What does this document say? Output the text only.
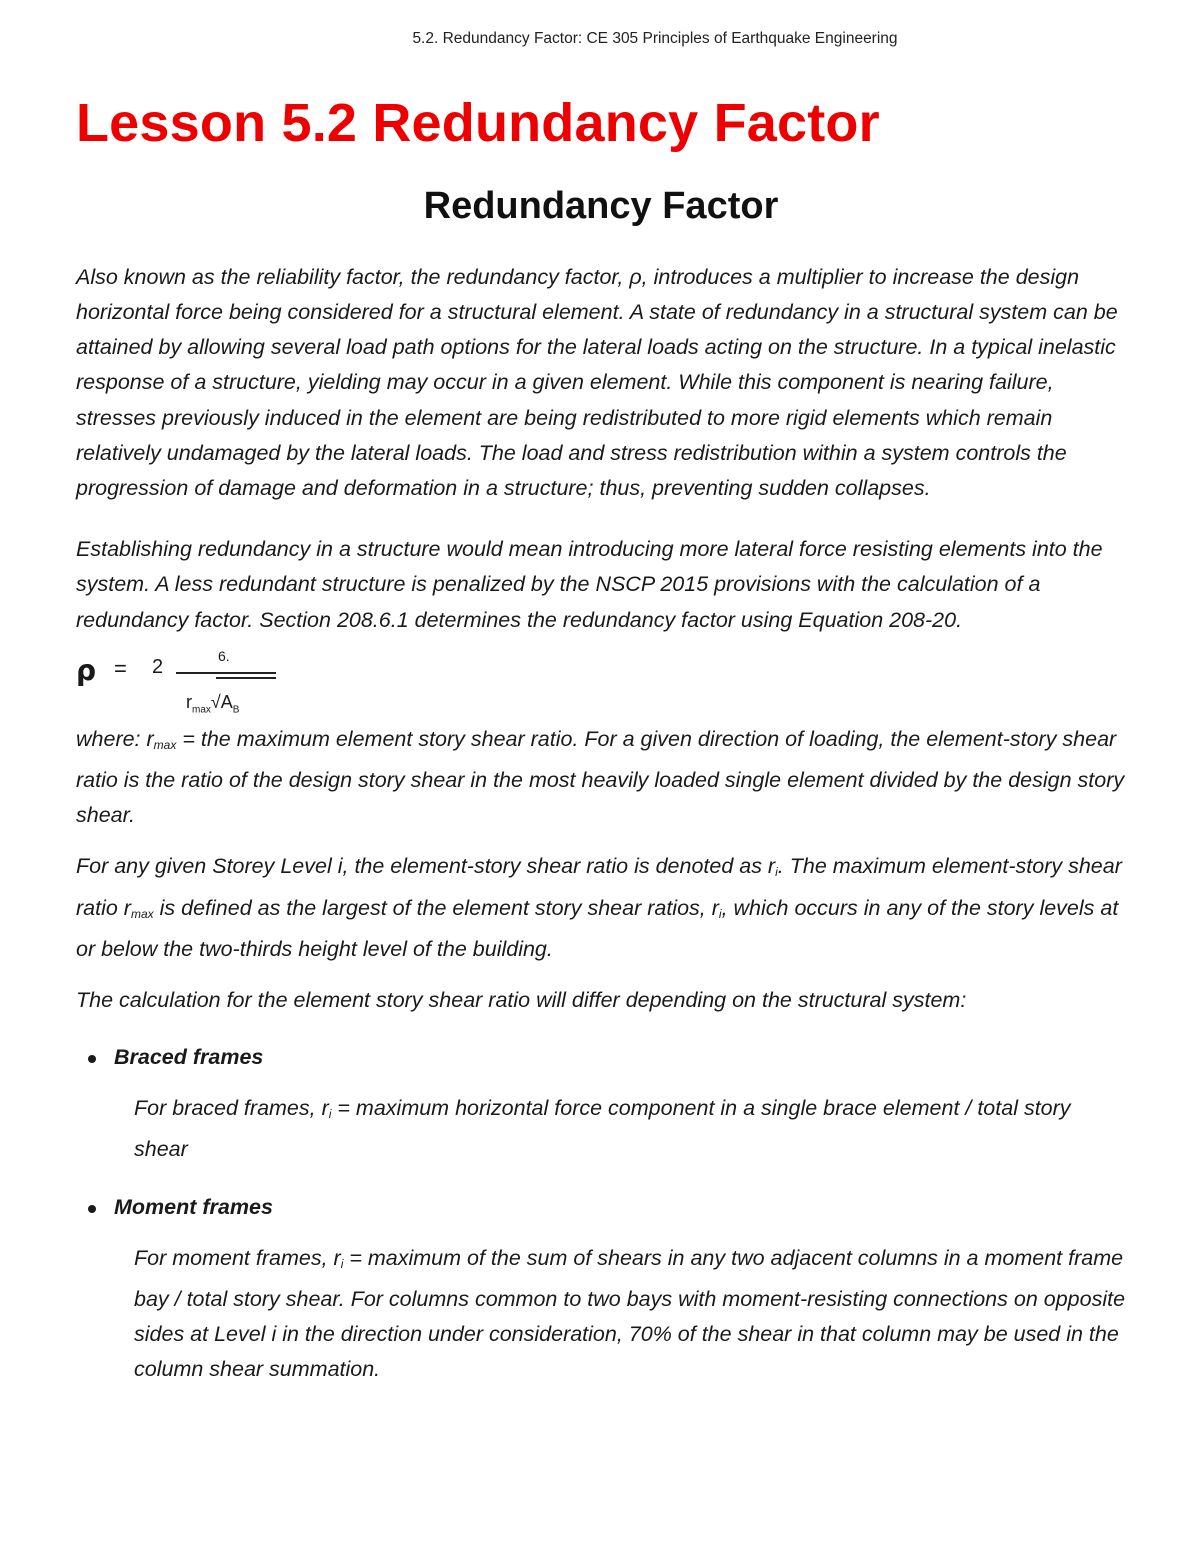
5.2. Redundancy Factor: CE 305 Principles of Earthquake Engineering
Lesson 5.2 Redundancy Factor
Redundancy Factor

Also known as the reliability factor, the redundancy factor, ρ, introduces a multiplier to increase the design horizontal force being considered for a structural element. A state of redundancy in a structural system can be attained by allowing several load path options for the lateral loads acting on the structure. In a typical inelastic response of a structure, yielding may occur in a given element. While this component is nearing failure, stresses previously induced in the element are being redistributed to more rigid elements which remain relatively undamaged by the lateral loads. The load and stress redistribution within a system controls the progression of damage and deformation in a structure; thus, preventing sudden collapses.

Establishing redundancy in a structure would mean introducing more lateral force resisting elements into the system. A less redundant structure is penalized by the NSCP 2015 provisions with the calculation of a redundancy factor. Section 208.6.1 determines the redundancy factor using Equation 208-20.

ρ = 2	6.
$r_{max}√A_B$

where: $r_{max}$ = the maximum element story shear ratio. For a given direction of loading, the element-story shear ratio is the ratio of the design story shear in the most heavily loaded single element divided by the design story shear.

For any given Storey Level i, the element-story shear ratio is denoted as $r_i$. The maximum element-story shear ratio $r_{max}$ is defined as the largest of the element story shear ratios, $r_i$, which occurs in any of the story levels at or below the two-thirds height level of the building.

The calculation for the element story shear ratio will differ depending on the structural system:

Braced frames

For braced frames, $r_i$ = maximum horizontal force component in a single brace element / total story shear

Moment frames

For moment frames, $r_i$ = maximum of the sum of shears in any two adjacent columns in a moment frame bay / total story shear. For columns common to two bays with moment-resisting connections on opposite sides at Level i in the direction under consideration, 70% of the shear in that column may be used in the column shear summation.
